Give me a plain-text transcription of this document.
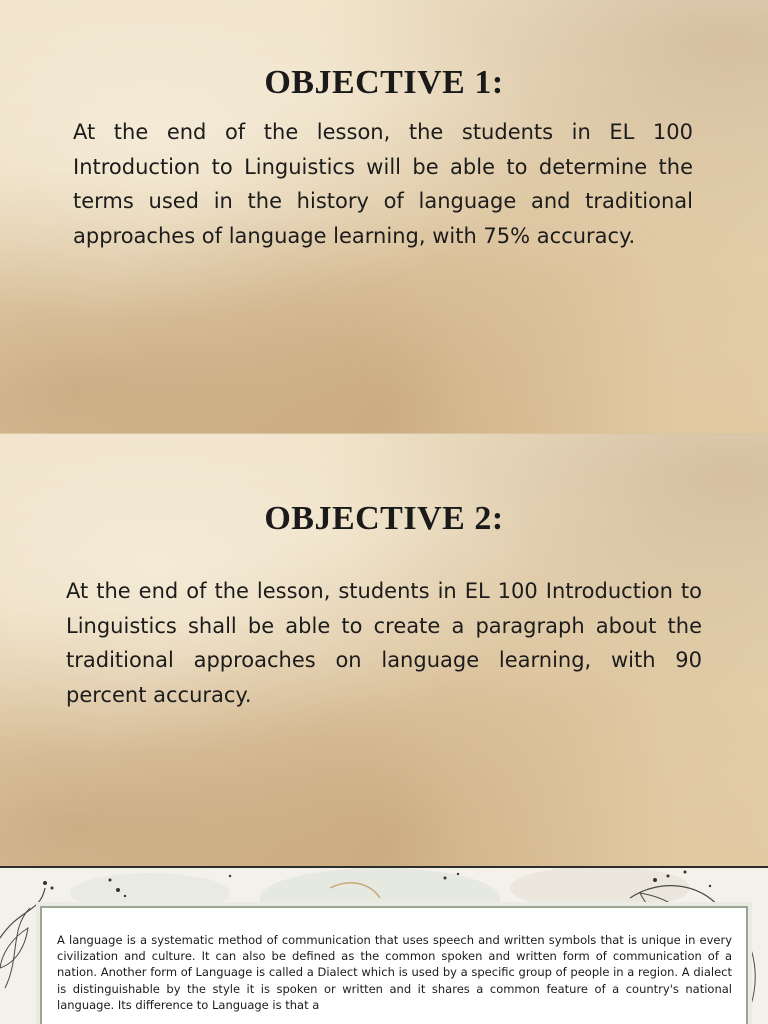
OBJECTIVE 1:

At the end of the lesson, the students in EL 100 Introduction to Linguistics will be able to determine the terms used in the history of language and traditional approaches of language learning, with 75% accuracy.

OBJECTIVE 2:

At the end of the lesson, students in EL 100 Introduction to Linguistics shall be able to create a paragraph about the traditional approaches on language learning, with 90 percent accuracy.

A language is a systematic method of communication that uses speech and written symbols that is unique in every civilization and culture. It can also be defined as the common spoken and written form of communication of a nation. Another form of Language is called a Dialect which is used by a specific group of people in a region. A dialect is distinguishable by the style it is spoken or written and it shares a common feature of a country's national language. Its difference to Language is that a
